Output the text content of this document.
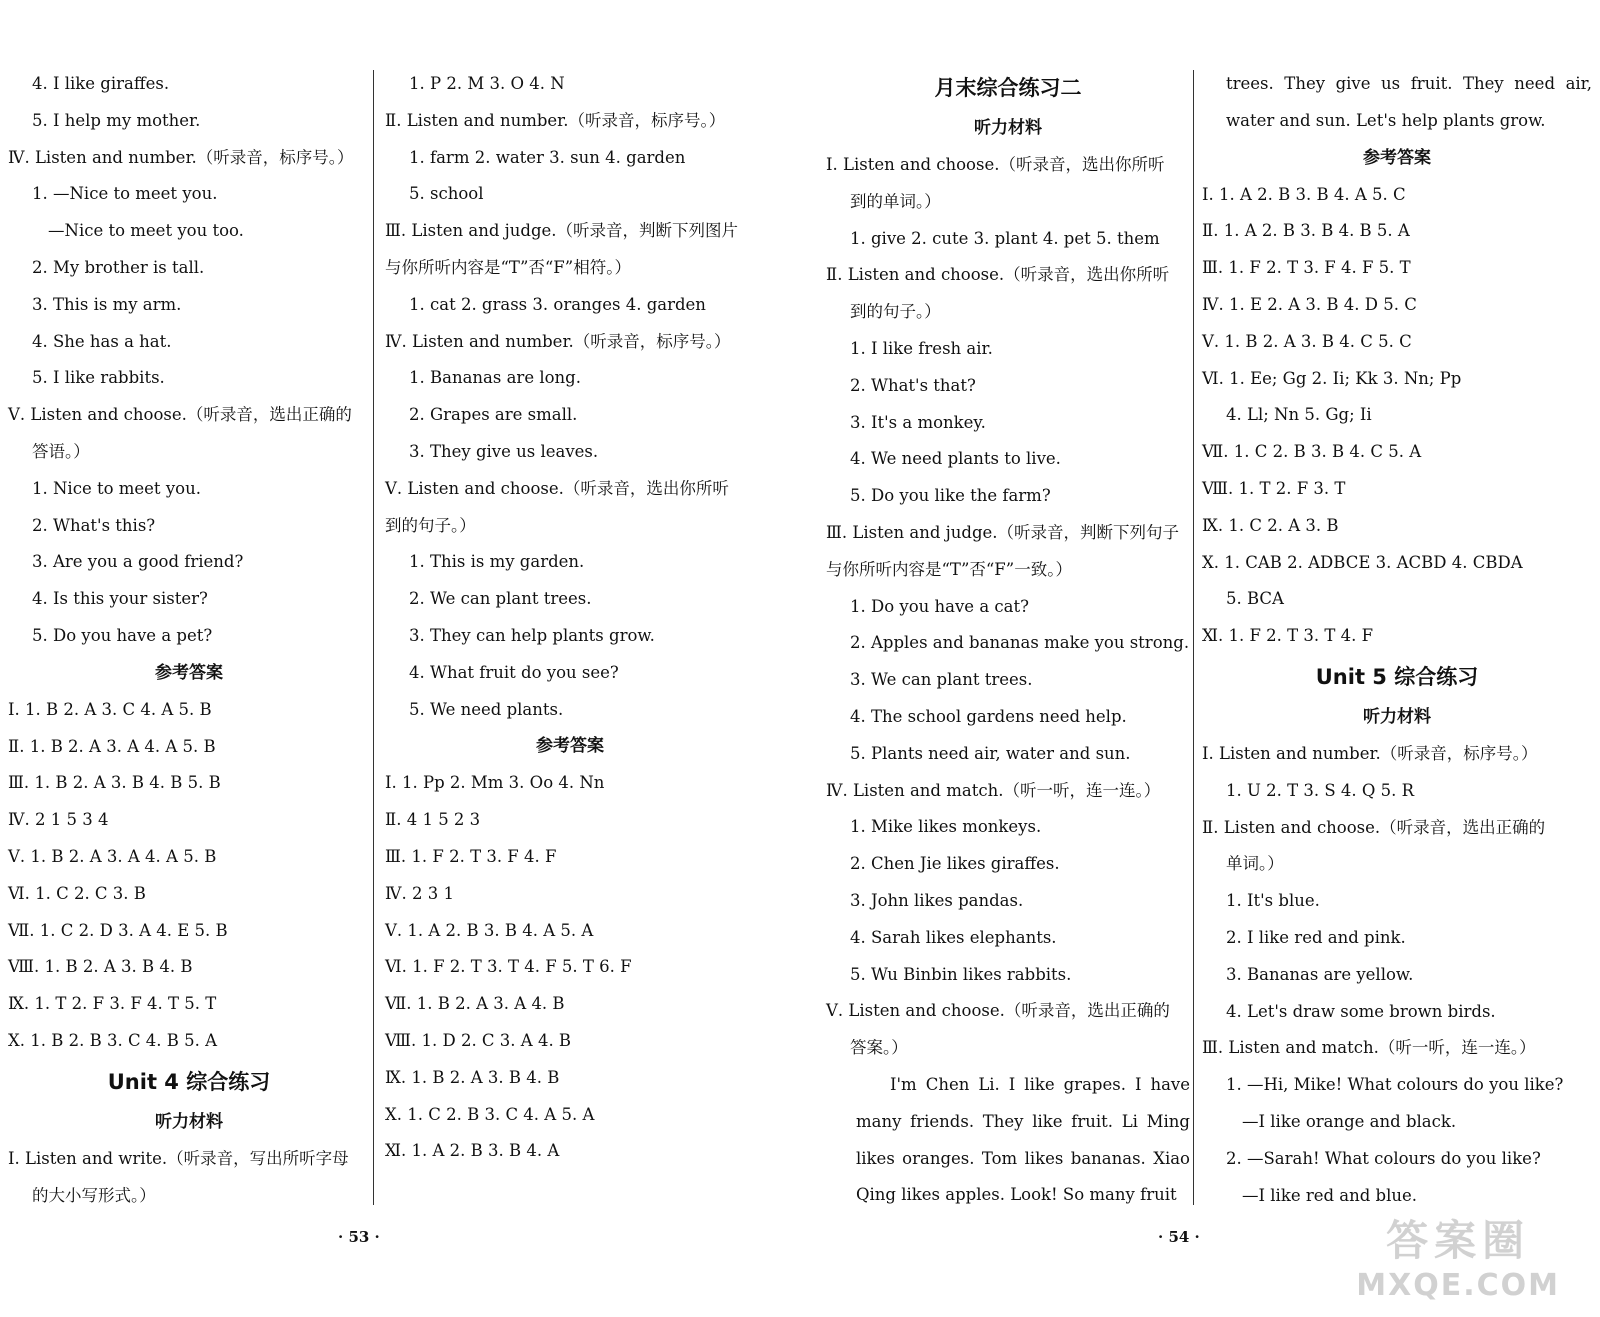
4. I like giraffes.
5. I help my mother.
Ⅳ. Listen and number.（听录音，标序号。）
1. —Nice to meet you.
—Nice to meet you too.
2. My brother is tall.
3. This is my arm.
4. She has a hat.
5. I like rabbits.
Ⅴ. Listen and choose.（听录音，选出正确的
答语。）
1. Nice to meet you.
2. What's this?
3. Are you a good friend?
4. Is this your sister?
5. Do you have a pet?
参考答案
Ⅰ. 1. B 2. A 3. C 4. A 5. B
Ⅱ. 1. B 2. A 3. A 4. A 5. B
Ⅲ. 1. B 2. A 3. B 4. B 5. B
Ⅳ. 2 1 5 3 4
Ⅴ. 1. B 2. A 3. A 4. A 5. B
Ⅵ. 1. C 2. C 3. B
Ⅶ. 1. C 2. D 3. A 4. E 5. B
Ⅷ. 1. B 2. A 3. B 4. B
Ⅸ. 1. T 2. F 3. F 4. T 5. T
Ⅹ. 1. B 2. B 3. C 4. B 5. A
Unit 4 综合练习
听力材料
Ⅰ. Listen and write.（听录音，写出所听字母
的大小写形式。）
1. P 2. M 3. O 4. N
Ⅱ. Listen and number.（听录音，标序号。）
1. farm 2. water 3. sun 4. garden
5. school
Ⅲ. Listen and judge.（听录音，判断下列图片
与你所听内容是“T”否“F”相符。）
1. cat 2. grass 3. oranges 4. garden
Ⅳ. Listen and number.（听录音，标序号。）
1. Bananas are long.
2. Grapes are small.
3. They give us leaves.
Ⅴ. Listen and choose.（听录音，选出你所听
到的句子。）
1. This is my garden.
2. We can plant trees.
3. They can help plants grow.
4. What fruit do you see?
5. We need plants.
参考答案
Ⅰ. 1. Pp 2. Mm 3. Oo 4. Nn
Ⅱ. 4 1 5 2 3
Ⅲ. 1. F 2. T 3. F 4. F
Ⅳ. 2 3 1
Ⅴ. 1. A 2. B 3. B 4. A 5. A
Ⅵ. 1. F 2. T 3. T 4. F 5. T 6. F
Ⅶ. 1. B 2. A 3. A 4. B
Ⅷ. 1. D 2. C 3. A 4. B
Ⅸ. 1. B 2. A 3. B 4. B
Ⅹ. 1. C 2. B 3. C 4. A 5. A
Ⅺ. 1. A 2. B 3. B 4. A
月末综合练习二
听力材料
Ⅰ. Listen and choose.（听录音，选出你所听
到的单词。）
1. give 2. cute 3. plant 4. pet 5. them
Ⅱ. Listen and choose.（听录音，选出你所听
到的句子。）
1. I like fresh air.
2. What's that?
3. It's a monkey.
4. We need plants to live.
5. Do you like the farm?
Ⅲ. Listen and judge.（听录音，判断下列句子
与你所听内容是“T”否“F”一致。）
1. Do you have a cat?
2. Apples and bananas make you strong.
3. We can plant trees.
4. The school gardens need help.
5. Plants need air, water and sun.
Ⅳ. Listen and match.（听一听，连一连。）
1. Mike likes monkeys.
2. Chen Jie likes giraffes.
3. John likes pandas.
4. Sarah likes elephants.
5. Wu Binbin likes rabbits.
Ⅴ. Listen and choose.（听录音，选出正确的
答案。）
I'm Chen Li. I like grapes. I have many friends. They like fruit. Li Ming likes oranges. Tom likes bananas. Xiao Qing likes apples. Look! So many fruit
trees. They give us fruit. They need air, water and sun. Let's help plants grow.
参考答案
Ⅰ. 1. A 2. B 3. B 4. A 5. C
Ⅱ. 1. A 2. B 3. B 4. B 5. A
Ⅲ. 1. F 2. T 3. F 4. F 5. T
Ⅳ. 1. E 2. A 3. B 4. D 5. C
Ⅴ. 1. B 2. A 3. B 4. C 5. C
Ⅵ. 1. Ee; Gg 2. Ii; Kk 3. Nn; Pp
4. Ll; Nn 5. Gg; Ii
Ⅶ. 1. C 2. B 3. B 4. C 5. A
Ⅷ. 1. T 2. F 3. T
Ⅸ. 1. C 2. A 3. B
Ⅹ. 1. CAB 2. ADBCE 3. ACBD 4. CBDA
5. BCA
Ⅺ. 1. F 2. T 3. T 4. F
Unit 5 综合练习
听力材料
Ⅰ. Listen and number.（听录音，标序号。）
1. U 2. T 3. S 4. Q 5. R
Ⅱ. Listen and choose.（听录音，选出正确的
单词。）
1. It's blue.
2. I like red and pink.
3. Bananas are yellow.
4. Let's draw some brown birds.
Ⅲ. Listen and match.（听一听，连一连。）
1. —Hi, Mike! What colours do you like?
—I like orange and black.
2. —Sarah! What colours do you like?
—I like red and blue.
· 53 ·	· 54 ·	答案圈
MXQE.COM
